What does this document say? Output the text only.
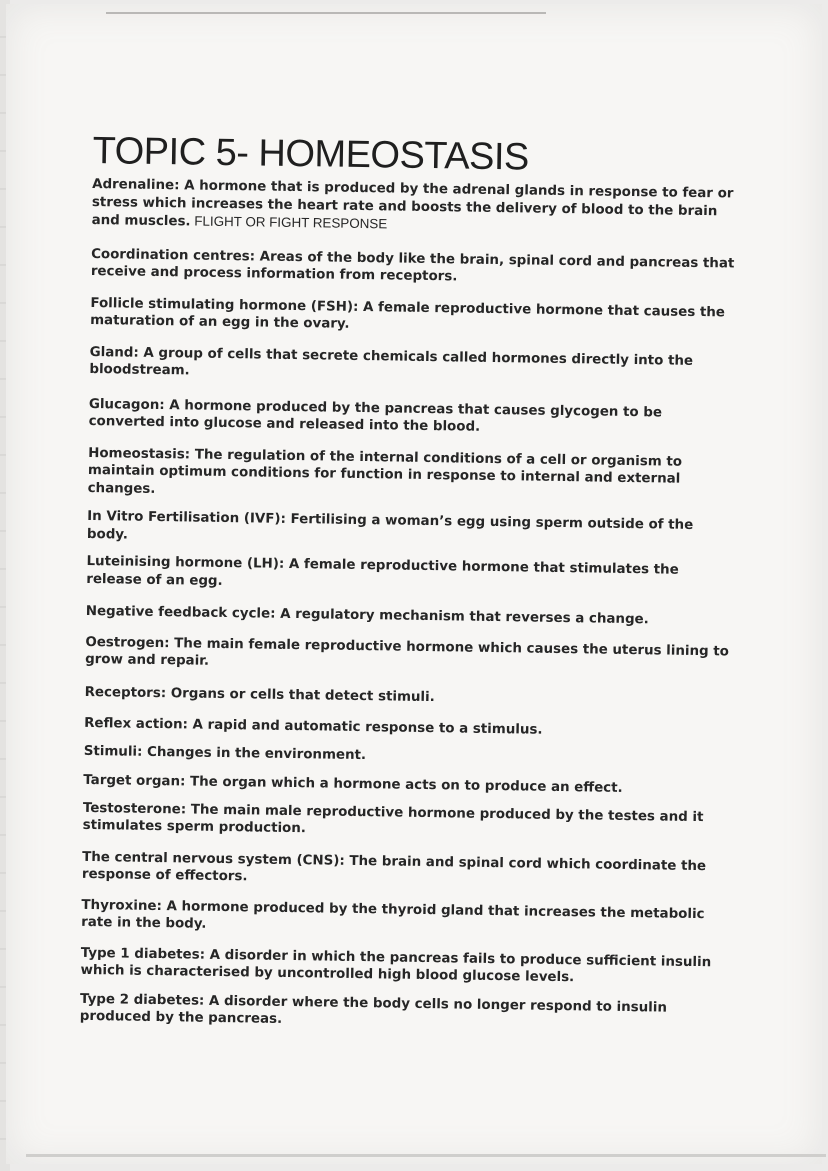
TOPIC 5- HOMEOSTASIS

Adrenaline: A hormone that is produced by the adrenal glands in response to fear or stress which increases the heart rate and boosts the delivery of blood to the brain and muscles. FLIGHT OR FIGHT RESPONSE

Coordination centres: Areas of the body like the brain, spinal cord and pancreas that receive and process information from receptors.

Follicle stimulating hormone (FSH): A female reproductive hormone that causes the maturation of an egg in the ovary.

Gland: A group of cells that secrete chemicals called hormones directly into the bloodstream.

Glucagon: A hormone produced by the pancreas that causes glycogen to be converted into glucose and released into the blood.

Homeostasis: The regulation of the internal conditions of a cell or organism to maintain optimum conditions for function in response to internal and external changes.

In Vitro Fertilisation (IVF): Fertilising a woman’s egg using sperm outside of the body.

Luteinising hormone (LH): A female reproductive hormone that stimulates the release of an egg.

Negative feedback cycle: A regulatory mechanism that reverses a change.

Oestrogen: The main female reproductive hormone which causes the uterus lining to grow and repair.

Receptors: Organs or cells that detect stimuli.

Reflex action: A rapid and automatic response to a stimulus.

Stimuli: Changes in the environment.

Target organ: The organ which a hormone acts on to produce an effect.

Testosterone: The main male reproductive hormone produced by the testes and it stimulates sperm production.

The central nervous system (CNS): The brain and spinal cord which coordinate the response of effectors.

Thyroxine: A hormone produced by the thyroid gland that increases the metabolic rate in the body.

Type 1 diabetes: A disorder in which the pancreas fails to produce sufficient insulin which is characterised by uncontrolled high blood glucose levels.

Type 2 diabetes: A disorder where the body cells no longer respond to insulin produced by the pancreas.
